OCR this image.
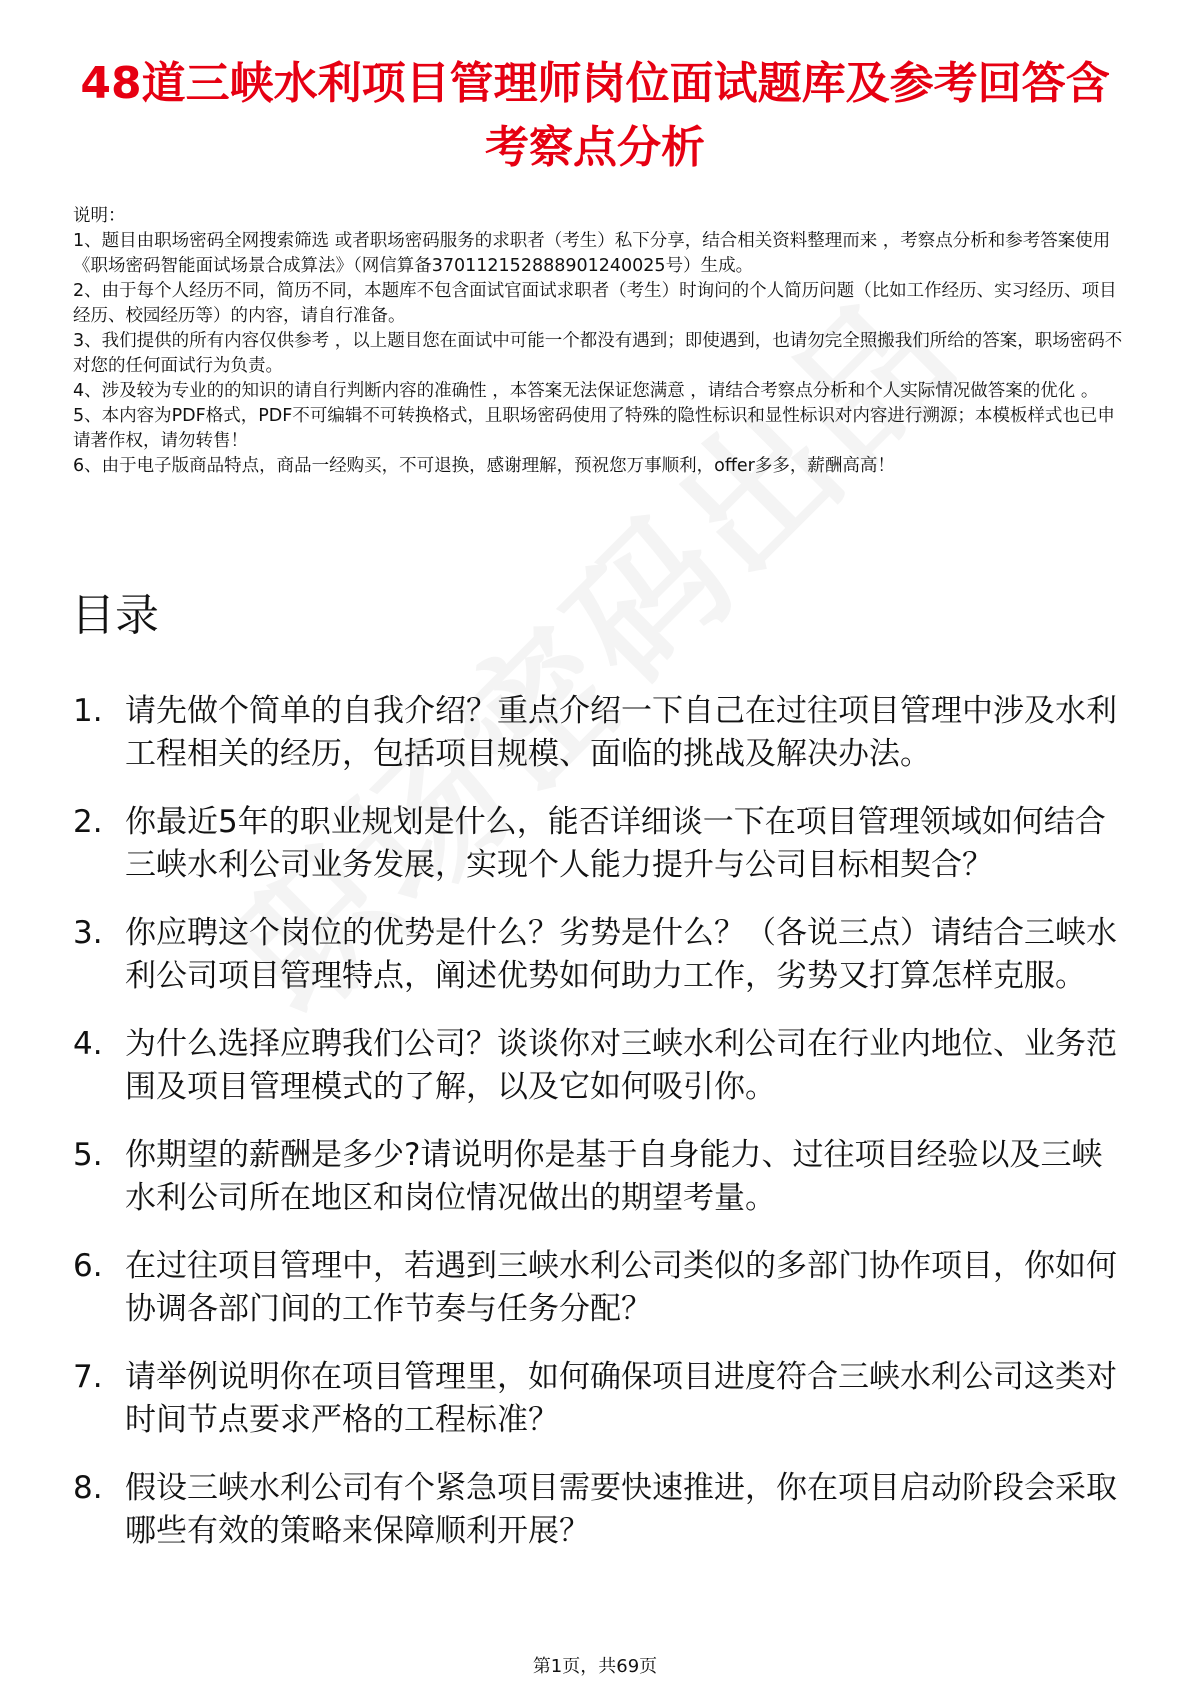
48道三峡水利项目管理师岗位面试题库及参考回答含考察点分析

说明：

1、题目由职场密码全网搜索筛选 或者职场密码服务的求职者（考生）私下分享，结合相关资料整理而来 ，考察点分析和参考答案使用《职场密码智能面试场景合成算法》（网信算备370112152888901240025号）生成。

2、由于每个人经历不同，简历不同，本题库不包含面试官面试求职者（考生）时询问的个人简历问题（比如工作经历、实习经历、项目经历、校园经历等）的内容，请自行准备。

3、我们提供的所有内容仅供参考 ，以上题目您在面试中可能一个都没有遇到；即使遇到，也请勿完全照搬我们所给的答案，职场密码不对您的任何面试行为负责。

4、涉及较为专业的的知识的请自行判断内容的准确性 ，本答案无法保证您满意 ，请结合考察点分析和个人实际情况做答案的优化 。

5、本内容为PDF格式，PDF不可编辑不可转换格式，且职场密码使用了特殊的隐性标识和显性标识对内容进行溯源；本模板样式也已申请著作权，请勿转售！

6、由于电子版商品特点，商品一经购买，不可退换，感谢理解，预祝您万事顺利，offer多多，薪酬高高！

目录
1. 请先做个简单的自我介绍？重点介绍一下自己在过往项目管理中涉及水利工程相关的经历，包括项目规模、面临的挑战及解决办法。
2. 你最近5年的职业规划是什么，能否详细谈一下在项目管理领域如何结合三峡水利公司业务发展，实现个人能力提升与公司目标相契合？
3. 你应聘这个岗位的优势是什么？劣势是什么？（各说三点）请结合三峡水利公司项目管理特点，阐述优势如何助力工作，劣势又打算怎样克服。
4. 为什么选择应聘我们公司？谈谈你对三峡水利公司在行业内地位、业务范围及项目管理模式的了解，以及它如何吸引你。
5. 你期望的薪酬是多少?请说明你是基于自身能力、过往项目经验以及三峡水利公司所在地区和岗位情况做出的期望考量。
6. 在过往项目管理中，若遇到三峡水利公司类似的多部门协作项目，你如何协调各部门间的工作节奏与任务分配？
7. 请举例说明你在项目管理里，如何确保项目进度符合三峡水利公司这类对时间节点要求严格的工程标准？
8. 假设三峡水利公司有个紧急项目需要快速推进，你在项目启动阶段会采取哪些有效的策略来保障顺利开展？
第1页，共69页
